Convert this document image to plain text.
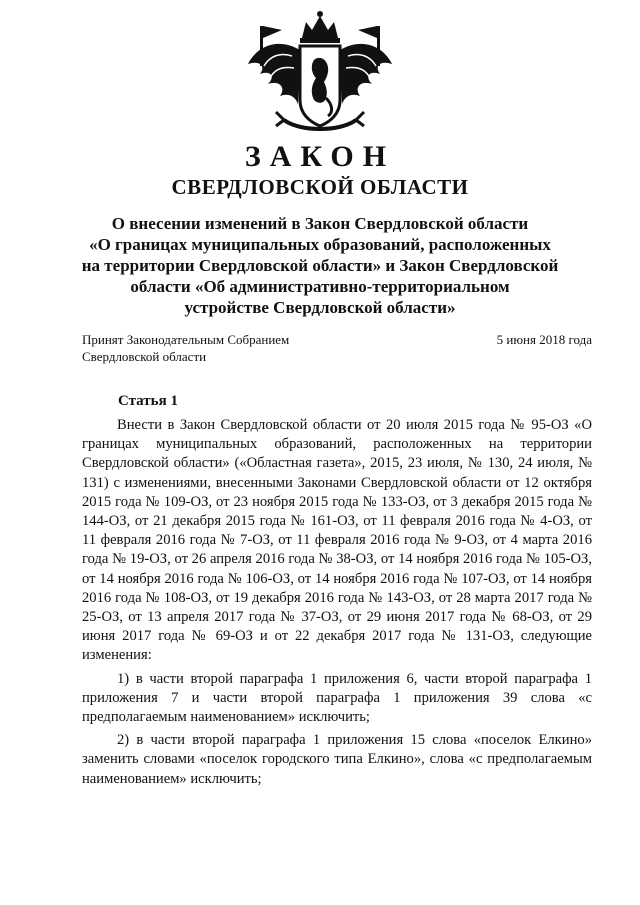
ЗАКОН
СВЕРДЛОВСКОЙ ОБЛАСТИ
О внесении изменений в Закон Свердловской области
«О границах муниципальных образований, расположенных
на территории Свердловской области» и Закон Свердловской
области «Об административно-территориальном
устройстве Свердловской области»
Принят Законодательным Собранием
Свердловской области
5 июня 2018 года
Статья 1

Внести в Закон Свердловской области от 20 июля 2015 года № 95-ОЗ «О границах муниципальных образований, расположенных на территории Свердловской области» («Областная газета», 2015, 23 июля, № 130, 24 июля, № 131) с изменениями, внесенными Законами Свердловской области от 12 октября 2015 года № 109-ОЗ, от 23 ноября 2015 года № 133-ОЗ, от 3 декабря 2015 года № 144-ОЗ, от 21 декабря 2015 года № 161-ОЗ, от 11 февраля 2016 года № 4-ОЗ, от 11 февраля 2016 года № 7-ОЗ, от 11 февраля 2016 года № 9-ОЗ, от 4 марта 2016 года № 19-ОЗ, от 26 апреля 2016 года № 38-ОЗ, от 14 ноября 2016 года № 105-ОЗ, от 14 ноября 2016 года № 106-ОЗ, от 14 ноября 2016 года № 107-ОЗ, от 14 ноября 2016 года № 108-ОЗ, от 19 декабря 2016 года № 143-ОЗ, от 28 марта 2017 года № 25-ОЗ, от 13 апреля 2017 года № 37-ОЗ, от 29 июня 2017 года № 68-ОЗ, от 29 июня 2017 года № 69-ОЗ и от 22 декабря 2017 года № 131-ОЗ, следующие изменения:

1) в части второй параграфа 1 приложения 6, части второй параграфа 1 приложения 7 и части второй параграфа 1 приложения 39 слова «с предполагаемым наименованием» исключить;

2) в части второй параграфа 1 приложения 15 слова «поселок Елкино» заменить словами «поселок городского типа Елкино», слова «с предполагаемым наименованием» исключить;
